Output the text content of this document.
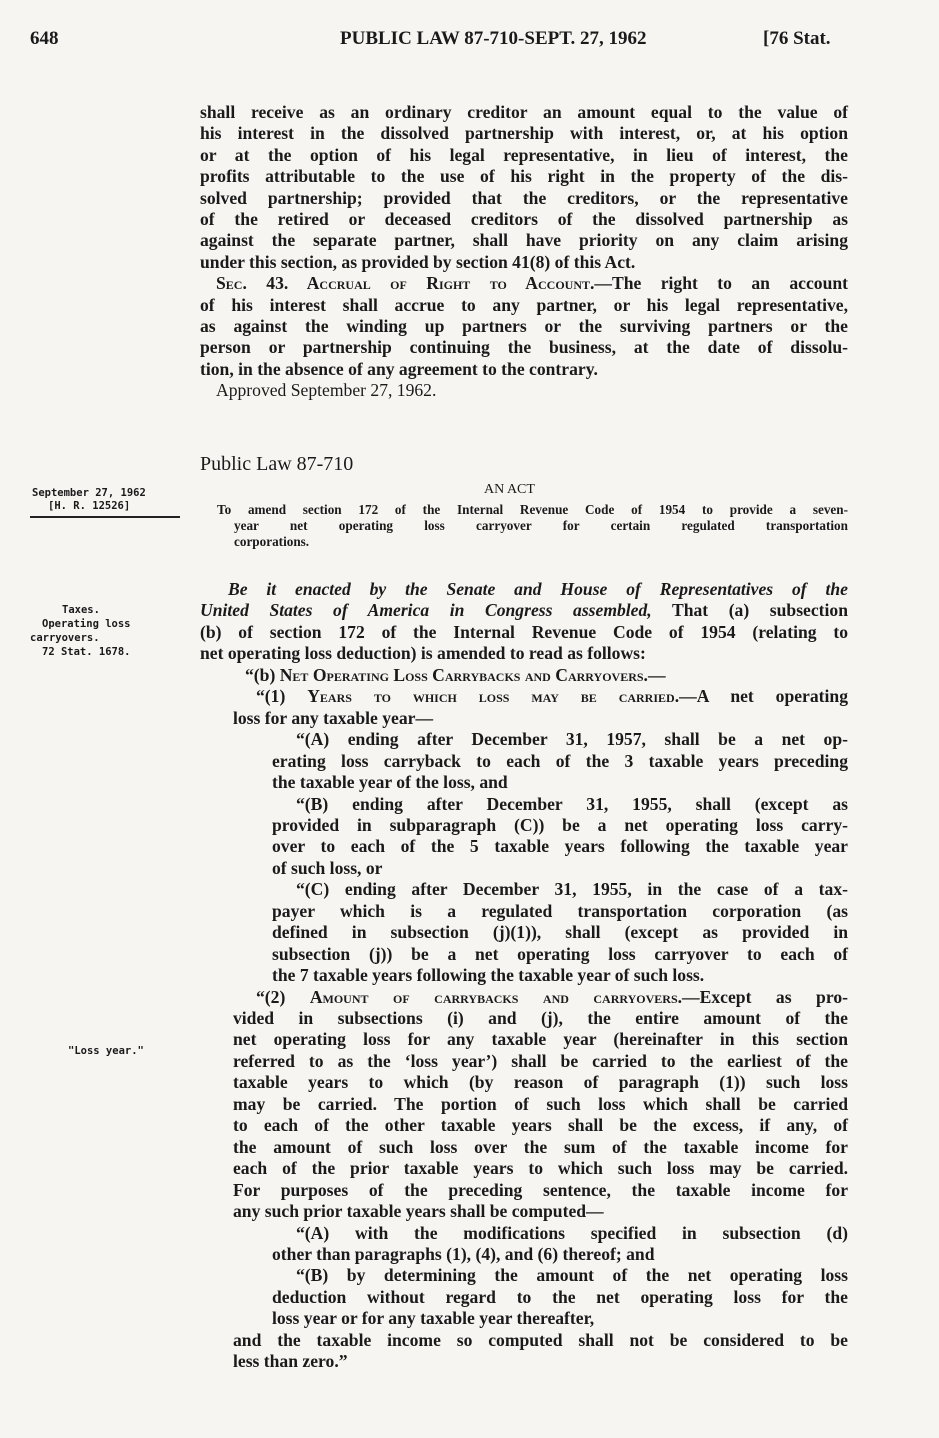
648	PUBLIC LAW 87-710-SEPT. 27, 1962	[76 Stat.
shall receive as an ordinary creditor an amount equal to the value of
his interest in the dissolved partnership with interest, or, at his option
or at the option of his legal representative, in lieu of interest, the
profits attributable to the use of his right in the property of the dis-
solved partnership; provided that the creditors, or the representative
of the retired or deceased creditors of the dissolved partnership as
against the separate partner, shall have priority on any claim arising
under this section, as provided by section 41(8) of this Act.
Sec. 43. Accrual of Right to Account.—The right to an account
of his interest shall accrue to any partner, or his legal representative,
as against the winding up partners or the surviving partners or the
person or partnership continuing the business, at the date of dissolu-
tion, in the absence of any agreement to the contrary.
Approved September 27, 1962.
Public Law 87-710
AN ACT
September 27, 1962
[H. R. 12526]	To amend section 172 of the Internal Revenue Code of 1954 to provide a seven-
year net operating loss carryover for certain regulated transportation
corporations.
Taxes.
Operating loss
carryovers.
72 Stat. 1678.
"Loss year."
Be it enacted by the Senate and House of Representatives of the
United States of America in Congress assembled, That (a) subsection
(b) of section 172 of the Internal Revenue Code of 1954 (relating to
net operating loss deduction) is amended to read as follows:
“(b) Net Operating Loss Carrybacks and Carryovers.—
“(1) Years to which loss may be carried.—A net operating
loss for any taxable year—
“(A) ending after December 31, 1957, shall be a net op-
erating loss carryback to each of the 3 taxable years preceding
the taxable year of the loss, and
“(B) ending after December 31, 1955, shall (except as
provided in subparagraph (C)) be a net operating loss carry-
over to each of the 5 taxable years following the taxable year
of such loss, or
“(C) ending after December 31, 1955, in the case of a tax-
payer which is a regulated transportation corporation (as
defined in subsection (j)(1)), shall (except as provided in
subsection (j)) be a net operating loss carryover to each of
the 7 taxable years following the taxable year of such loss.
“(2) Amount of carrybacks and carryovers.—Except as pro-
vided in subsections (i) and (j), the entire amount of the
net operating loss for any taxable year (hereinafter in this section
referred to as the ‘loss year’) shall be carried to the earliest of the
taxable years to which (by reason of paragraph (1)) such loss
may be carried. The portion of such loss which shall be carried
to each of the other taxable years shall be the excess, if any, of
the amount of such loss over the sum of the taxable income for
each of the prior taxable years to which such loss may be carried.
For purposes of the preceding sentence, the taxable income for
any such prior taxable years shall be computed—
“(A) with the modifications specified in subsection (d)
other than paragraphs (1), (4), and (6) thereof; and
“(B) by determining the amount of the net operating loss
deduction without regard to the net operating loss for the
loss year or for any taxable year thereafter,
and the taxable income so computed shall not be considered to be
less than zero.”
